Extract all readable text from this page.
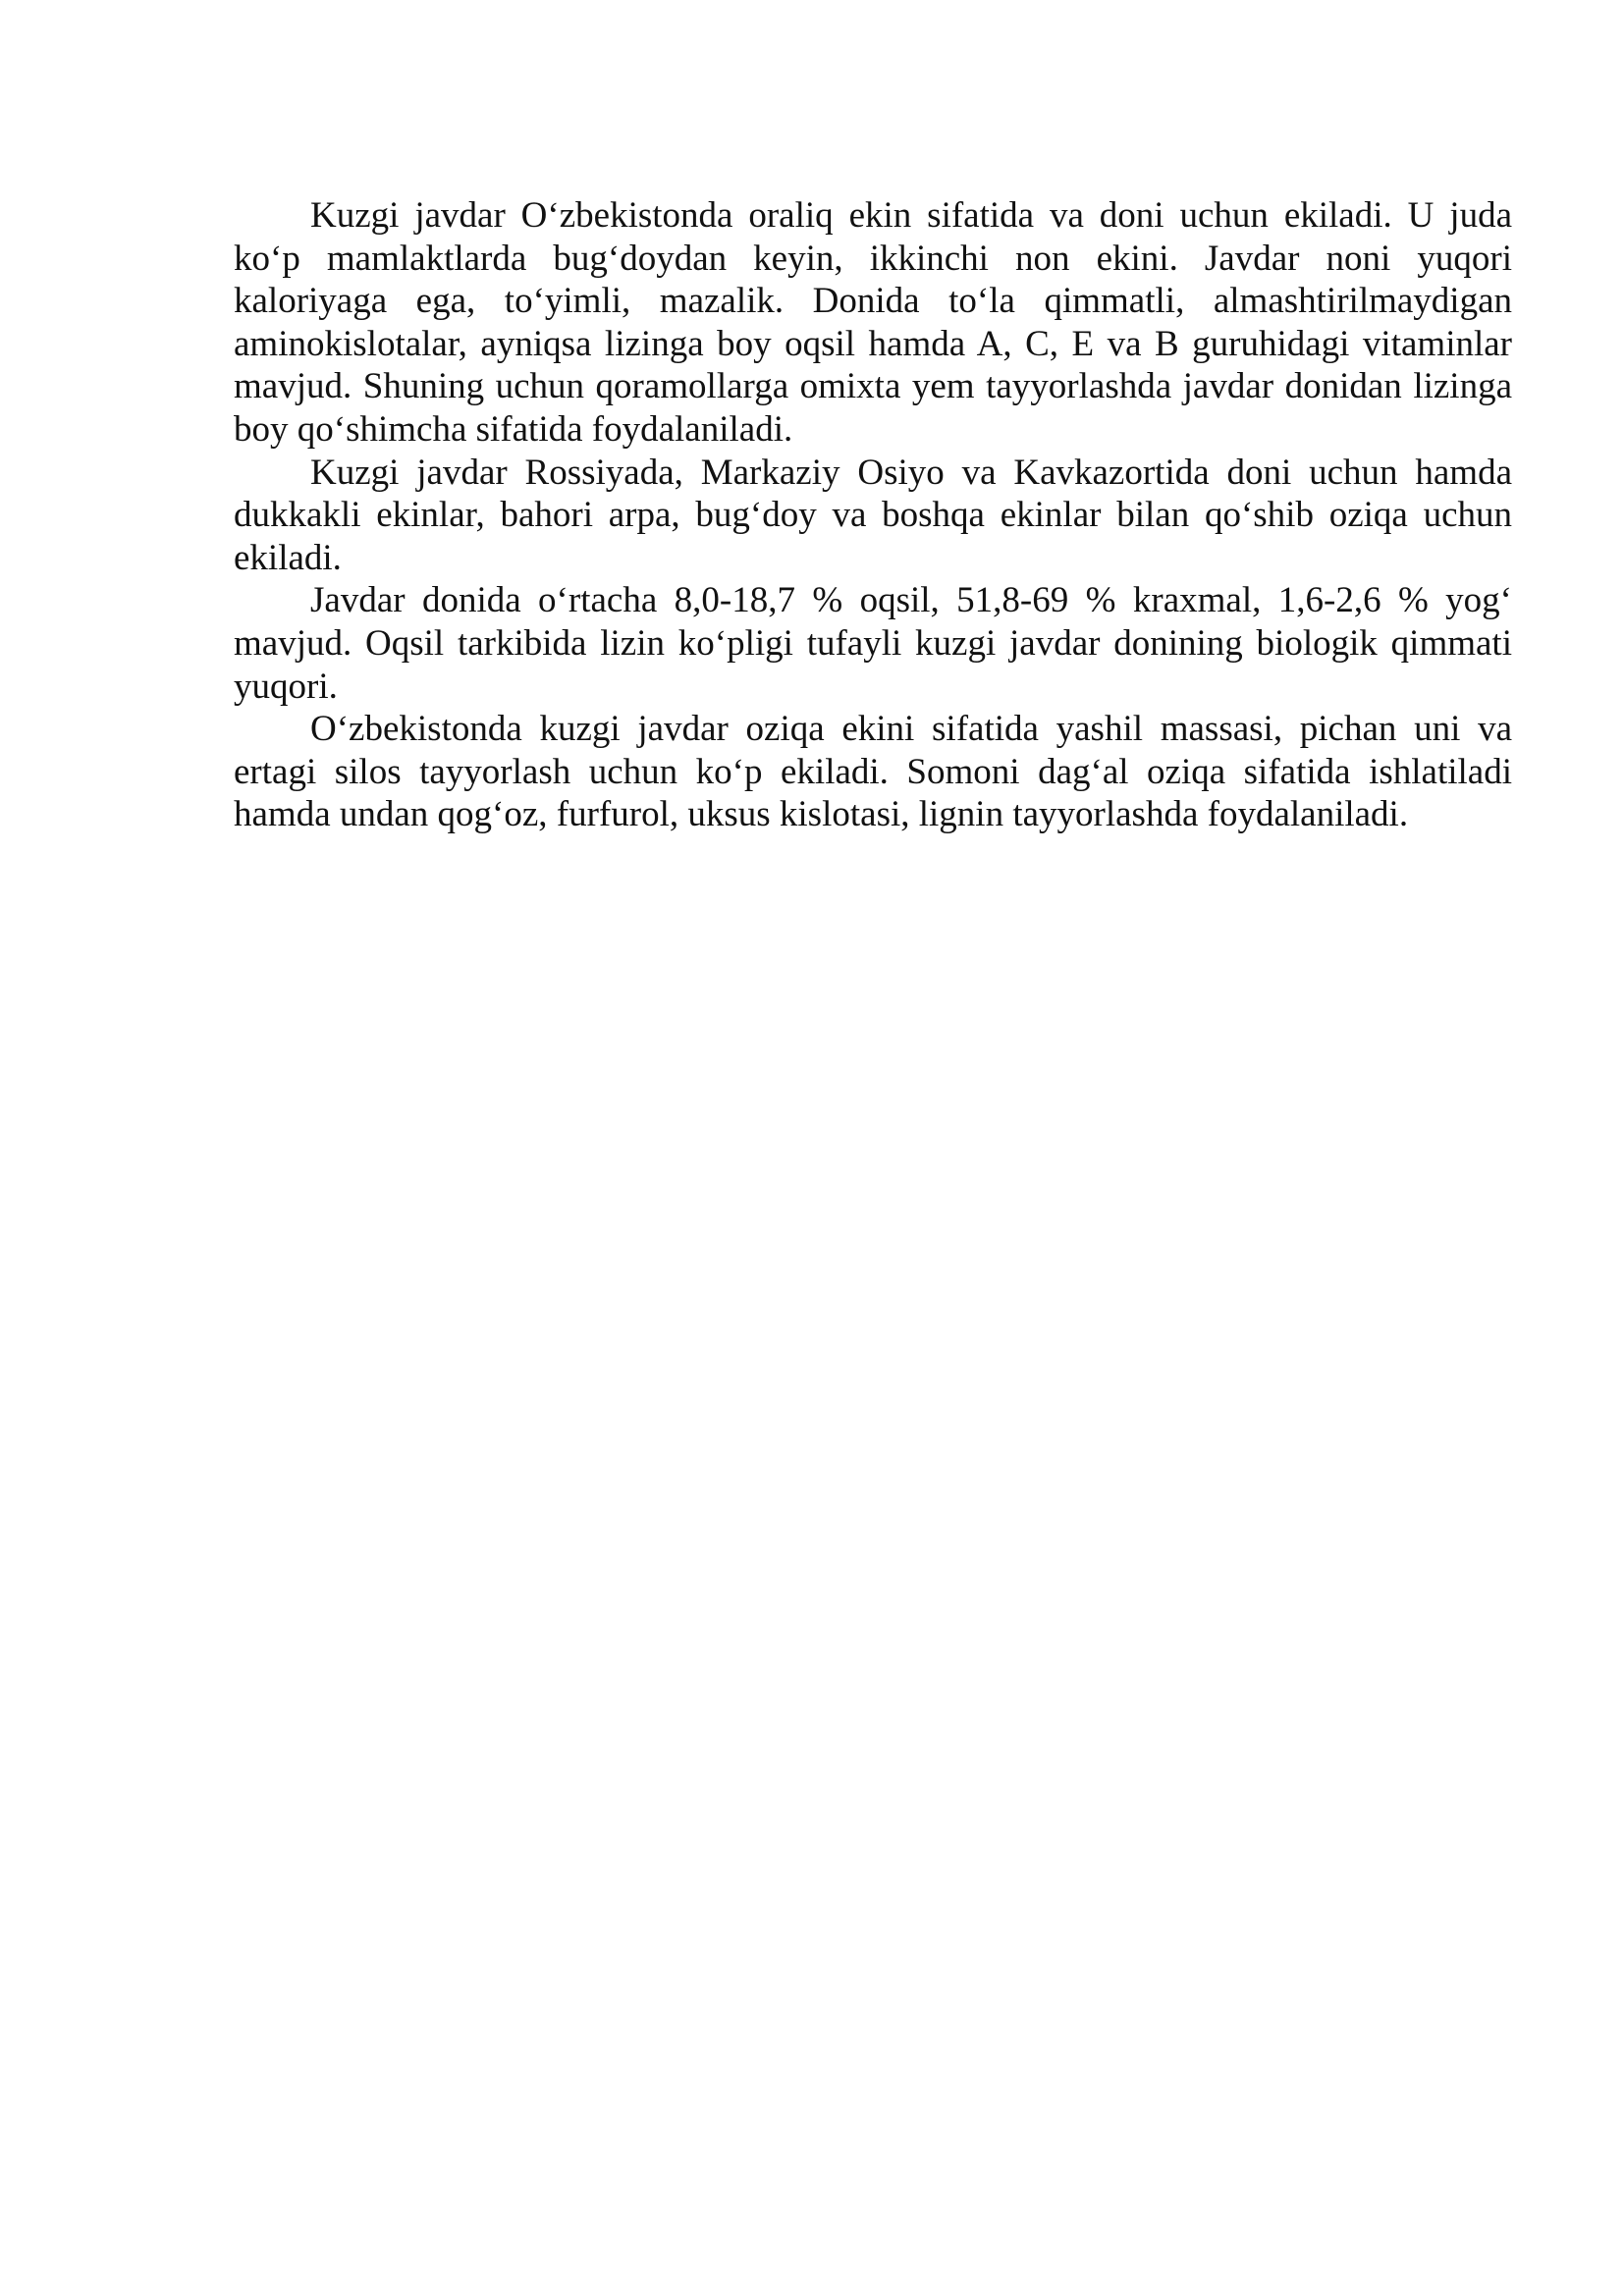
Kuzgi javdar O‘zbekistonda oraliq ekin sifatida va doni uchun ekiladi. U juda ko‘p mamlaktlarda bug‘doydan keyin, ikkinchi non ekini. Javdar noni yuqori kaloriyaga ega, to‘yimli, mazalik. Donida to‘la qimmatli, almashtirilmaydigan aminokislotalar, ayniqsa lizinga boy oqsil hamda A, C, E va B guruhidagi vitaminlar mavjud. Shuning uchun qoramollarga omixta yem tayyorlashda javdar donidan lizinga boy qo‘shimcha sifatida foydalaniladi.

Kuzgi javdar Rossiyada, Markaziy Osiyo va Kavkazortida doni uchun hamda dukkakli ekinlar, bahori arpa, bug‘doy va boshqa ekinlar bilan qo‘shib oziqa uchun ekiladi.

Javdar donida o‘rtacha 8,0-18,7 % oqsil, 51,8-69 % kraxmal, 1,6-2,6 % yog‘ mavjud. Oqsil tarkibida lizin ko‘pligi tufayli kuzgi javdar donining biologik qimmati yuqori.

O‘zbekistonda kuzgi javdar oziqa ekini sifatida yashil massasi, pichan uni va ertagi silos tayyorlash uchun ko‘p ekiladi. Somoni dag‘al oziqa sifatida ishlatiladi hamda undan qog‘oz, furfurol, uksus kislotasi, lignin tayyorlashda foydalaniladi.
